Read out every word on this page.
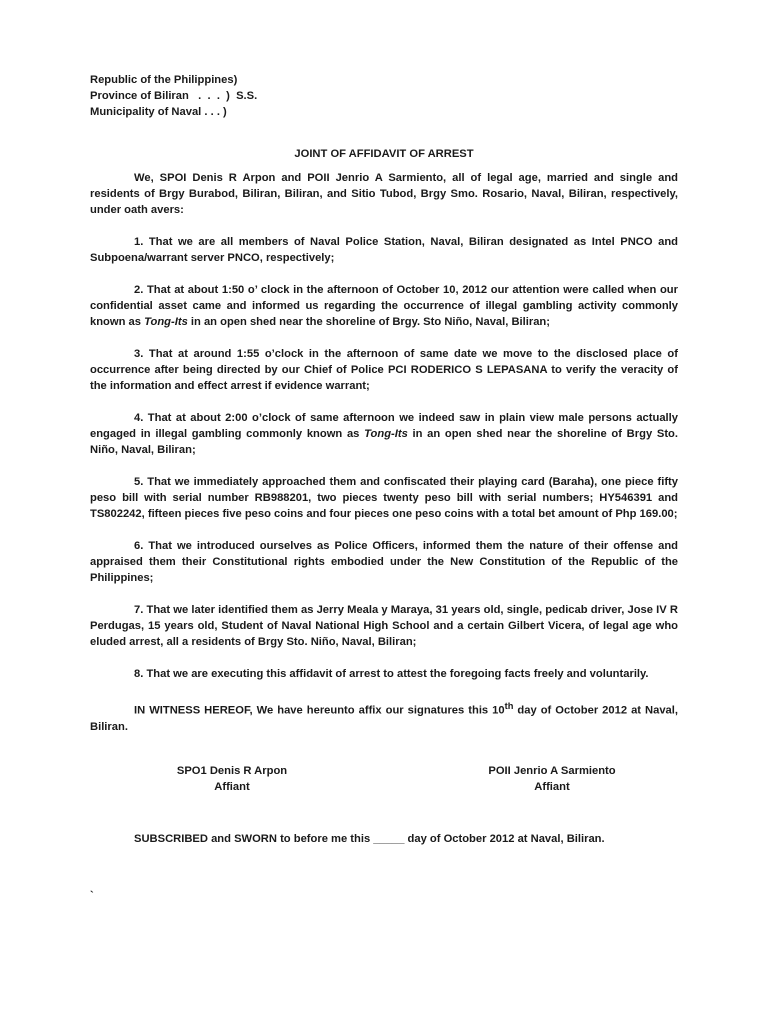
Republic of the Philippines)
Province of Biliran   .  .  .  )  S.S.
Municipality of Naval . . . )
JOINT OF AFFIDAVIT OF ARREST

We, SPOI Denis R Arpon and POII Jenrio A Sarmiento, all of legal age, married and single and residents of Brgy Burabod, Biliran, Biliran, and Sitio Tubod, Brgy Smo. Rosario, Naval, Biliran, respectively, under oath avers:

1. That we are all members of Naval Police Station, Naval, Biliran designated as Intel PNCO and Subpoena/warrant server PNCO, respectively;

2. That at about 1:50 o’ clock in the afternoon of October 10, 2012 our attention were called when our confidential asset came and informed us regarding the occurrence of illegal gambling activity commonly known as Tong-Its in an open shed near the shoreline of Brgy. Sto Niño, Naval, Biliran;

3. That at around 1:55 o’clock in the afternoon of same date we move to the disclosed place of occurrence after being directed by our Chief of Police PCI RODERICO S LEPASANA to verify the veracity of the information and effect arrest if evidence warrant;

4. That at about 2:00 o’clock of same afternoon we indeed saw in plain view male persons actually engaged in illegal gambling commonly known as Tong-Its in an open shed near the shoreline of Brgy Sto. Niño, Naval, Biliran;

5. That we immediately approached them and confiscated their playing card (Baraha), one piece fifty peso bill with serial number RB988201, two pieces twenty peso bill with serial numbers; HY546391 and TS802242, fifteen pieces five peso coins and four pieces one peso coins with a total bet amount of Php 169.00;

6. That we introduced ourselves as Police Officers, informed them the nature of their offense and appraised them their Constitutional rights embodied under the New Constitution of the Republic of the Philippines;

7. That we later identified them as Jerry Meala y Maraya, 31 years old, single, pedicab driver, Jose IV R Perdugas, 15 years old, Student of Naval National High School and a certain Gilbert Vicera, of legal age who eluded arrest, all a residents of Brgy Sto. Niño, Naval, Biliran;

8. That we are executing this affidavit of arrest to attest the foregoing facts freely and voluntarily.

IN WITNESS HEREOF, We have hereunto affix our signatures this 10th day of October 2012 at Naval, Biliran.

SPO1 Denis R Arpon
Affiant
POII Jenrio A Sarmiento
Affiant
SUBSCRIBED and SWORN to before me this _____ day of October 2012 at Naval, Biliran.
`
